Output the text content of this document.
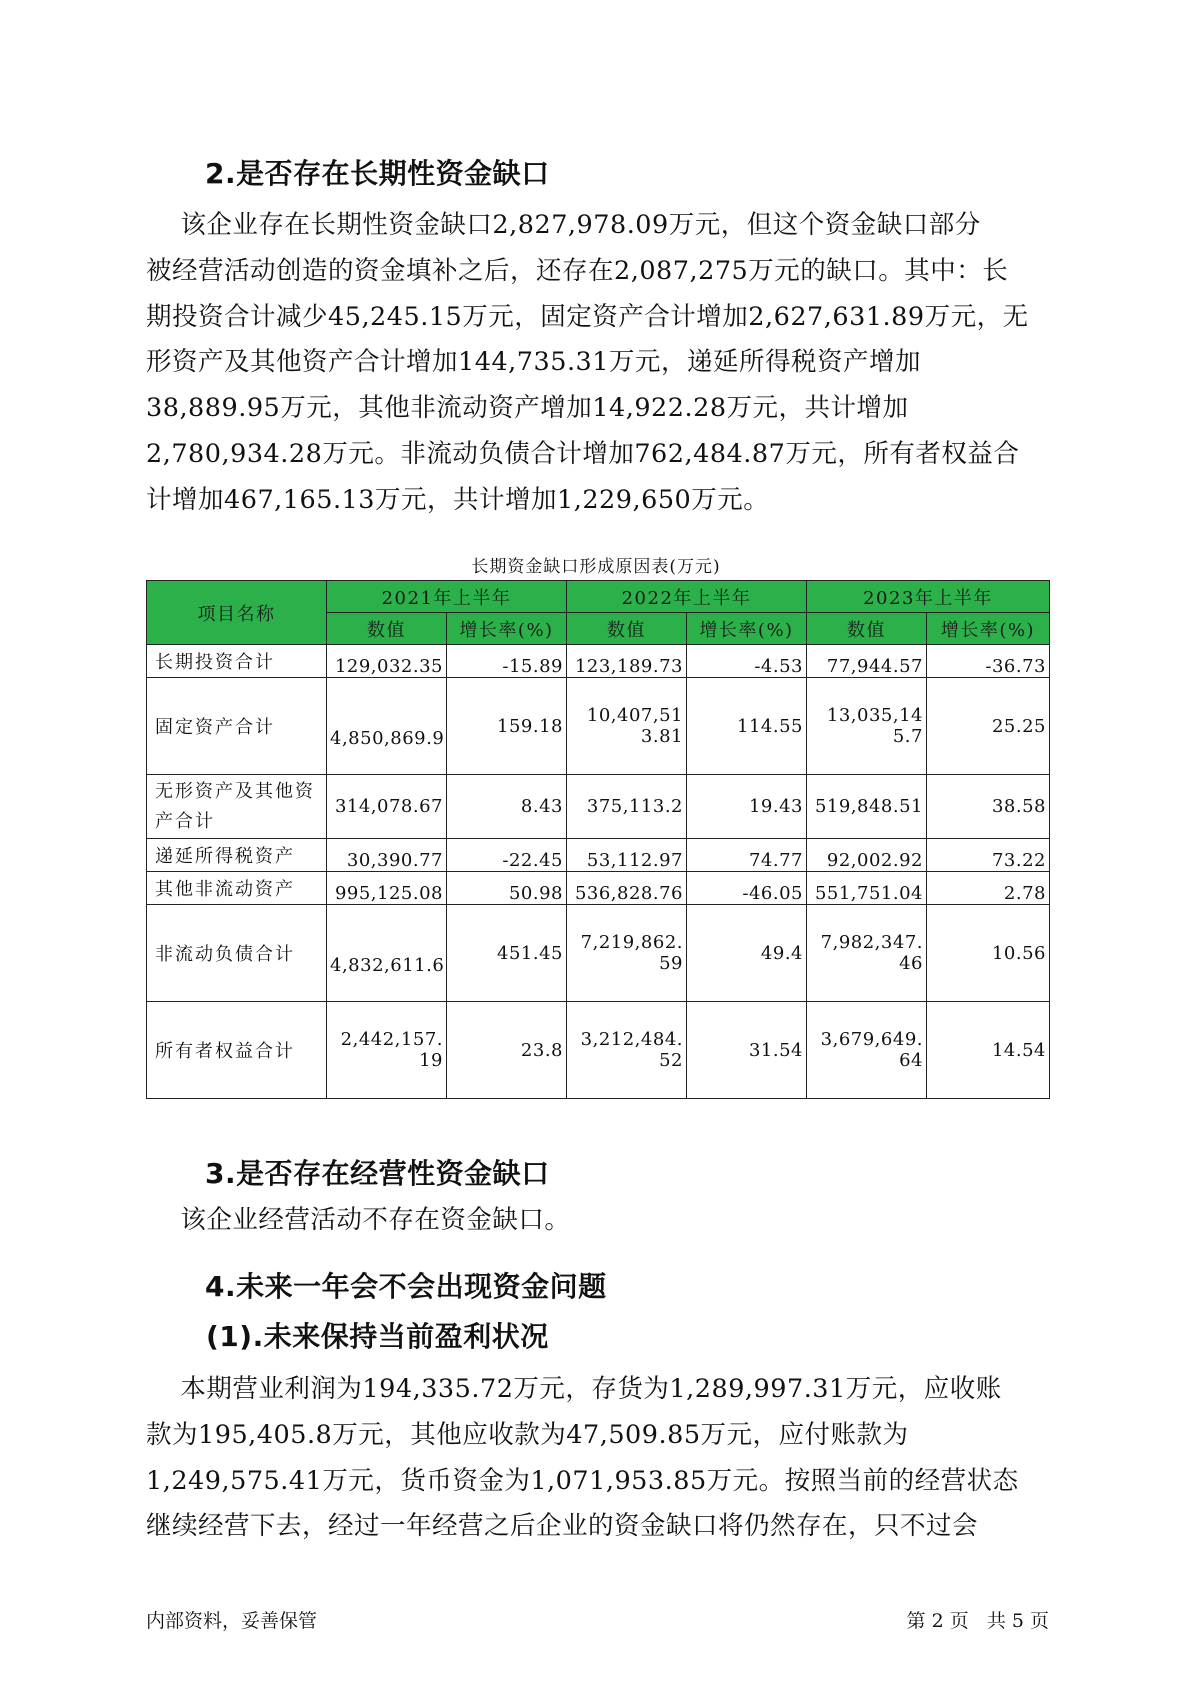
2.是否存在长期性资金缺口
该企业存在长期性资金缺口2,827,978.09万元，但这个资金缺口部分
被经营活动创造的资金填补之后，还存在2,087,275万元的缺口。其中：长
期投资合计减少45,245.15万元，固定资产合计增加2,627,631.89万元，无
形资产及其他资产合计增加144,735.31万元，递延所得税资产增加
38,889.95万元，其他非流动资产增加14,922.28万元，共计增加
2,780,934.28万元。非流动负债合计增加762,484.87万元，所有者权益合
计增加467,165.13万元，共计增加1,229,650万元。
长期资金缺口形成原因表(万元)
项目名称	2021年上半年		2022年上半年		2023年上半年	
	数值	增长率(%)	数值	增长率(%)	数值	增长率(%)
长期投资合计	129,032.35	-15.89	123,189.73	-4.53	77,944.57	-36.73
固定资产合计	4,850,869.9	159.18	10,407,513.81	114.55	13,035,145.7	25.25
无形资产及其他资产合计	314,078.67	8.43	375,113.2	19.43	519,848.51	38.58
递延所得税资产	30,390.77	-22.45	53,112.97	74.77	92,002.92	73.22
其他非流动资产	995,125.08	50.98	536,828.76	-46.05	551,751.04	2.78
非流动负债合计	4,832,611.6	451.45	7,219,862.59	49.4	7,982,347.46	10.56
所有者权益合计	2,442,157.19	23.8	3,212,484.52	31.54	3,679,649.64	14.54
3.是否存在经营性资金缺口
该企业经营活动不存在资金缺口。
4.未来一年会不会出现资金问题
(1).未来保持当前盈利状况
本期营业利润为194,335.72万元，存货为1,289,997.31万元，应收账
款为195,405.8万元，其他应收款为47,509.85万元，应付账款为
1,249,575.41万元，货币资金为1,071,953.85万元。按照当前的经营状态
继续经营下去，经过一年经营之后企业的资金缺口将仍然存在，只不过会
内部资料，妥善保管	第 2 页   共 5 页
